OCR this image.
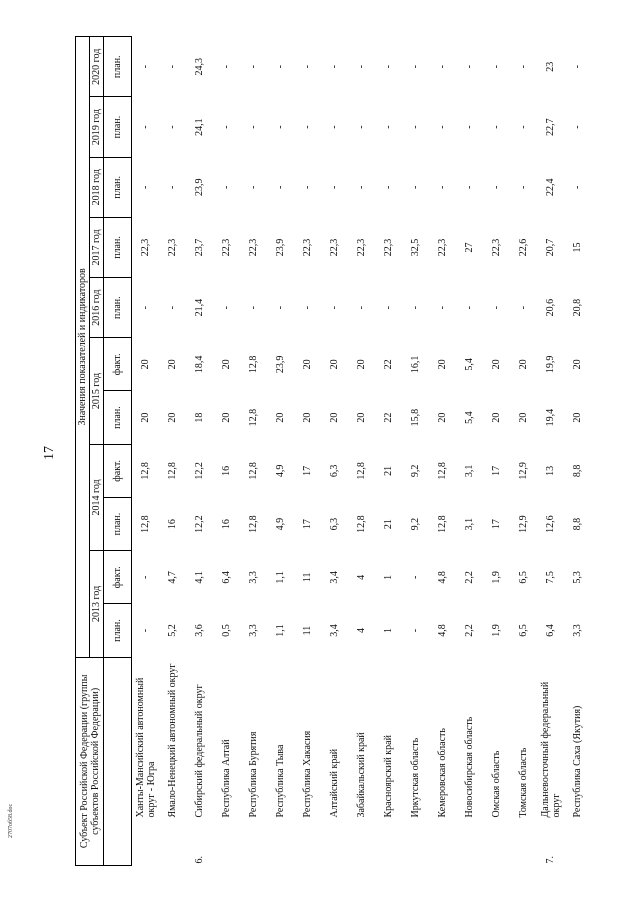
17
2707об58.doc	Субъект Российской Федерации (группы субъектов Российской Федерации)		Значения показателей и индикаторов										
		2013 год		2014 год		2015 год		2016 год	2017 год	2018 год	2019 год	2020 год
		план.	факт.	план.	факт.	план.	факт.	план.	план.	план.	план.	план.
	Ханты-Мансийский автономный округ - Югра	-	-	12,8	12,8	20	20	-	22,3	-	-	-
	Ямало-Ненецкий автономный округ	5,2	4,7	16	12,8	20	20	-	22,3	-	-	-
6.	Сибирский федеральный округ	3,6	4,1	12,2	12,2	18	18,4	21,4	23,7	23,9	24,1	24,3
	Республика Алтай	0,5	6,4	16	16	20	20	-	22,3	-	-	-
	Республика Бурятия	3,3	3,3	12,8	12,8	12,8	12,8	-	22,3	-	-	-
	Республика Тыва	1,1	1,1	4,9	4,9	20	23,9	-	23,9	-	-	-
	Республика Хакасия	11	11	17	17	20	20	-	22,3	-	-	-
	Алтайский край	3,4	3,4	6,3	6,3	20	20	-	22,3	-	-	-
	Забайкальский край	4	4	12,8	12,8	20	20	-	22,3	-	-	-
	Красноярский край	1	1	21	21	22	22	-	22,3	-	-	-
	Иркутская область	-	-	9,2	9,2	15,8	16,1	-	32,5	-	-	-
	Кемеровская область	4,8	4,8	12,8	12,8	20	20	-	22,3	-	-	-
	Новосибирская область	2,2	2,2	3,1	3,1	5,4	5,4	-	27	-	-	-
	Омская область	1,9	1,9	17	17	20	20	-	22,3	-	-	-
	Томская область	6,5	6,5	12,9	12,9	20	20	-	22,6	-	-	-
7.	Дальневосточный федеральный округ	6,4	7,5	12,6	13	19,4	19,9	20,6	20,7	22,4	22,7	23
	Республика Саха (Якутия)	3,3	5,3	8,8	8,8	20	20	20,8	15	-	-	-
